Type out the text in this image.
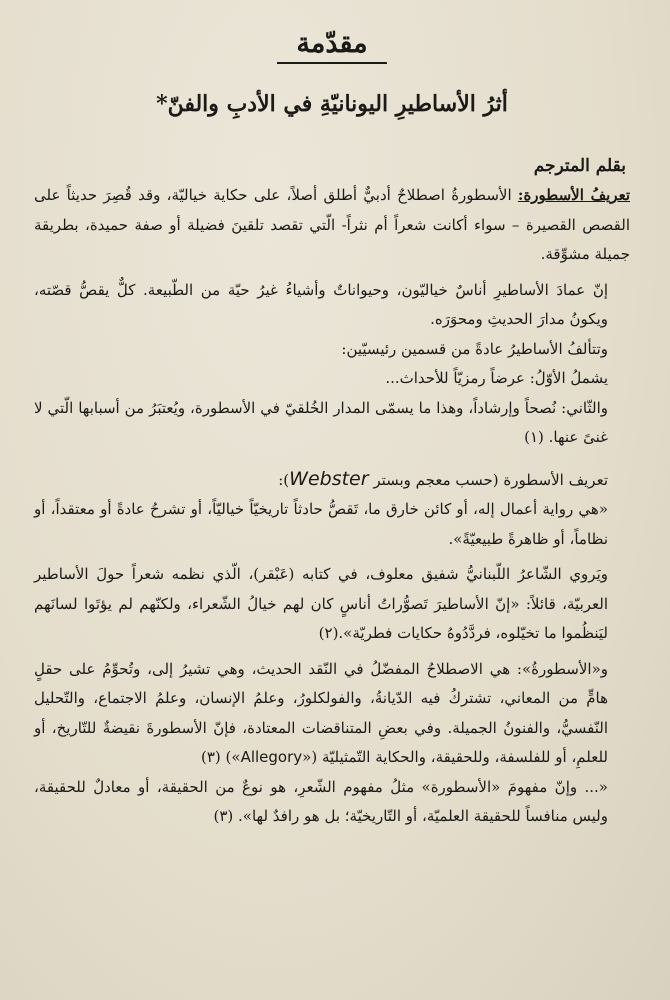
مقدّمة
أثرُ الأساطيرِ اليونانيّةِ في الأدبِ والفنّ*
بقلم المترجم

تعريفُ الأسطورة: الأسطورةُ اصطلاحٌ أدبيٌّ أطلق أصلاً، على حكاية خياليّة، وقد قُصِرَ حديثاً على القصص القصيرة – سواء أكانت شعراً أم نثراً- الّتي تقصد تلقينَ فضيلة أو صفة حميدة، بطريقة جميلة مشوِّقة.

إنّ عمادَ الأساطيرِ أناسٌ خياليّون، وحيواناتٌ وأشياءُ غيرُ حيّة من الطّبيعة. كلٌّ يقصُّ قصّته، ويكونُ مدارَ الحديثِ ومحوَرَه.

وتتألفُ الأساطيرُ عادةً من قسمين رئيسيّين:

يشملُ الأوّلُ: عرضاً رمزيّاً للأحداث...

والثّاني: نُصحاً وإرشاداً، وهذا ما يسمّى المدار الخُلقيّ في الأسطورة، ويُعتبَرُ من أسبابها الّتي لا غنىً عنها. (١)

تعريف الأسطورة (حسب معجم وبستر Webster):

«هي رواية أعمال إله، أو كائن خارق ما، تَقصُّ حادثاً تاريخيّاً خياليّاً، أو تشرحُ عادةً أو معتقداً، أو نظاماً، أو ظاهرةً طبيعيّةً».

ويَروي الشّاعرُ اللّبنانيُّ شفيق معلوف، في كتابه (عَبْقر)، الّذي نظمه شعراً حولَ الأساطير العربيّة، قائلاً: «إنّ الأساطيرَ تَصوُّراتُ أناسٍ كان لهم خيالُ الشّعراء، ولكنّهم لم يؤتَوا لسانَهم ليَنظُموا ما تخيّلوه، فردَّدُوهُ حكايات فطريّة».(٢)

و«الأسطورةُ»: هي الاصطلاحُ المفضّلُ في النّقد الحديث، وهي تشيرُ إلى، وتُحوِّمُ على حقلٍ هامٍّ من المعاني، تشتركُ فيه الدّيانةُ، والفولكلورُ، وعلمُ الإنسان، وعلمُ الاجتماع، والتّحليل النّفسيُّ، والفنونُ الجميلة. وفي بعضِ المتناقضات المعتادة، فإنّ الأسطورةَ نقيضةٌ للتّاريخ، أو للعلمِ، أو للفلسفة، وللحقيقة، والحكاية التّمثيليّة («Allegory») (٣)

«... وإنّ مفهومَ «الأسطورة» مثلُ مفهوم الشّعرِ، هو نوعٌ من الحقيقة، أو معادلٌ للحقيقة، وليس منافساً للحقيقة العلميّة، أو التّاريخيّة؛ بل هو رافدٌ لها». (٣)
